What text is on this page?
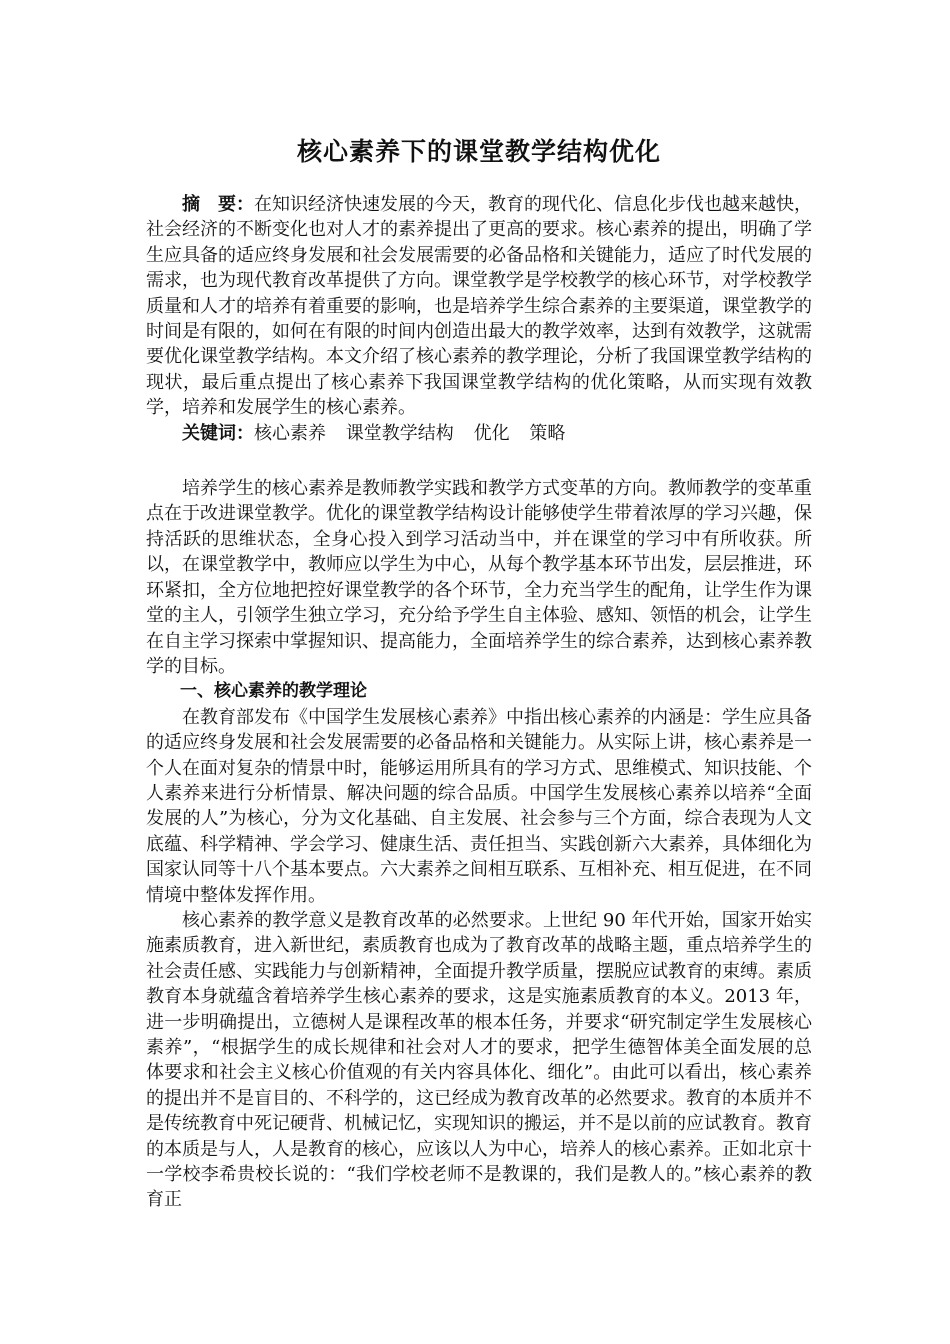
核心素养下的课堂教学结构优化

摘　要：在知识经济快速发展的今天，教育的现代化、信息化步伐也越来越快，社会经济的不断变化也对人才的素养提出了更高的要求。核心素养的提出，明确了学生应具备的适应终身发展和社会发展需要的必备品格和关键能力，适应了时代发展的需求，也为现代教育改革提供了方向。课堂教学是学校教学的核心环节，对学校教学质量和人才的培养有着重要的影响，也是培养学生综合素养的主要渠道，课堂教学的时间是有限的，如何在有限的时间内创造出最大的教学效率，达到有效教学，这就需要优化课堂教学结构。本文介绍了核心素养的教学理论，分析了我国课堂教学结构的现状，最后重点提出了核心素养下我国课堂教学结构的优化策略，从而实现有效教学，培养和发展学生的核心素养。

关键词：核心素养 课堂教学结构 优化 策略

培养学生的核心素养是教师教学实践和教学方式变革的方向。教师教学的变革重点在于改进课堂教学。优化的课堂教学结构设计能够使学生带着浓厚的学习兴趣，保持活跃的思维状态，全身心投入到学习活动当中，并在课堂的学习中有所收获。所以，在课堂教学中，教师应以学生为中心，从每个教学基本环节出发，层层推进，环环紧扣，全方位地把控好课堂教学的各个环节，全力充当学生的配角，让学生作为课堂的主人，引领学生独立学习，充分给予学生自主体验、感知、领悟的机会，让学生在自主学习探索中掌握知识、提高能力，全面培养学生的综合素养，达到核心素养教学的目标。

一、核心素养的教学理论

在教育部发布《中国学生发展核心素养》中指出核心素养的内涵是：学生应具备的适应终身发展和社会发展需要的必备品格和关键能力。从实际上讲，核心素养是一个人在面对复杂的情景中时，能够运用所具有的学习方式、思维模式、知识技能、个人素养来进行分析情景、解决问题的综合品质。中国学生发展核心素养以培养“全面发展的人”为核心，分为文化基础、自主发展、社会参与三个方面，综合表现为人文底蕴、科学精神、学会学习、健康生活、责任担当、实践创新六大素养，具体细化为国家认同等十八个基本要点。六大素养之间相互联系、互相补充、相互促进，在不同情境中整体发挥作用。

核心素养的教学意义是教育改革的必然要求。上世纪 90 年代开始，国家开始实施素质教育，进入新世纪，素质教育也成为了教育改革的战略主题，重点培养学生的社会责任感、实践能力与创新精神，全面提升教学质量，摆脱应试教育的束缚。素质教育本身就蕴含着培养学生核心素养的要求，这是实施素质教育的本义。2013 年，进一步明确提出，立德树人是课程改革的根本任务，并要求“研究制定学生发展核心素养”，“根据学生的成长规律和社会对人才的要求，把学生德智体美全面发展的总体要求和社会主义核心价值观的有关内容具体化、细化”。由此可以看出，核心素养的提出并不是盲目的、不科学的，这已经成为教育改革的必然要求。教育的本质并不是传统教育中死记硬背、机械记忆，实现知识的搬运，并不是以前的应试教育。教育的本质是与人，人是教育的核心，应该以人为中心，培养人的核心素养。正如北京十一学校李希贵校长说的：“我们学校老师不是教课的，我们是教人的。”核心素养的教育正
